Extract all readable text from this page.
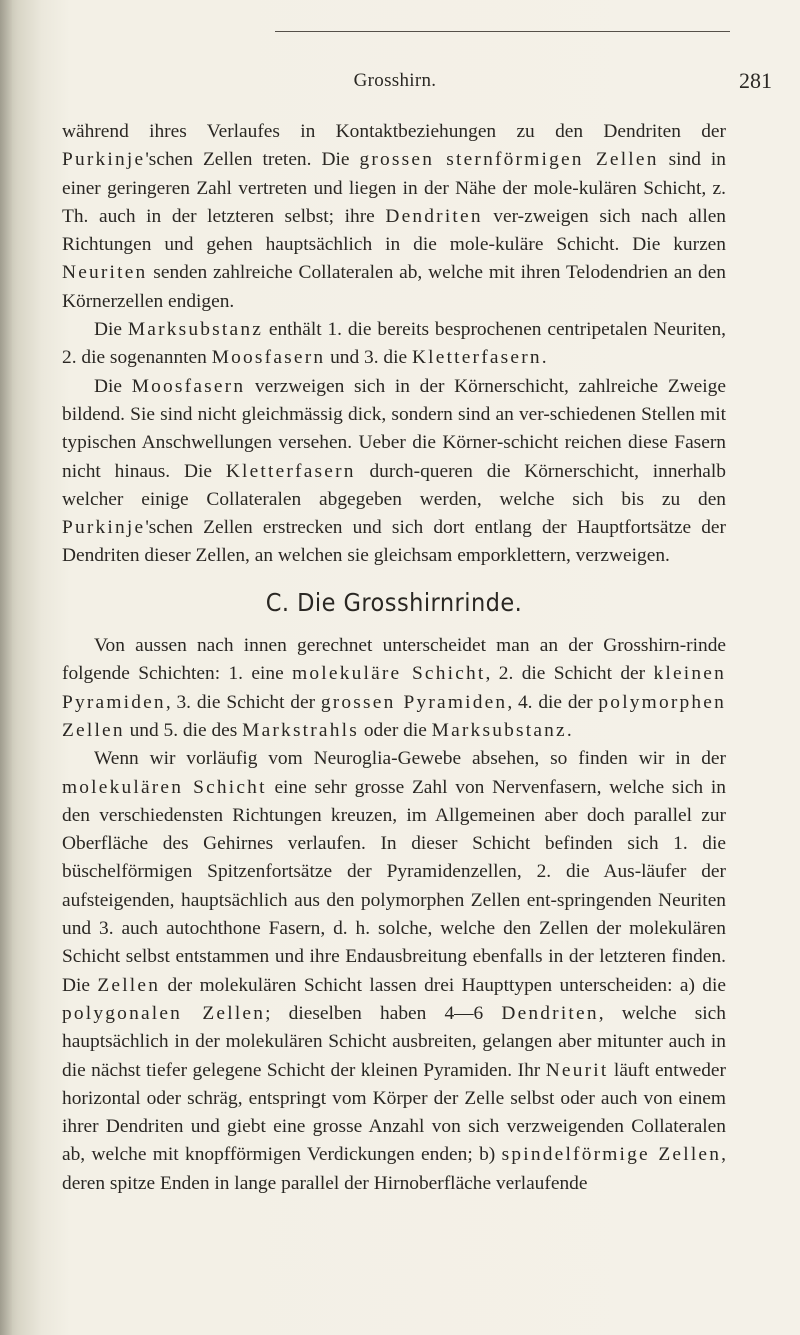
Grosshirn.	281

während ihres Verlaufes in Kontaktbeziehungen zu den Dendriten der Purkinje'schen Zellen treten. Die grossen sternförmigen Zellen sind in einer geringeren Zahl vertreten und liegen in der Nähe der mole-kulären Schicht, z. Th. auch in der letzteren selbst; ihre Dendriten ver-zweigen sich nach allen Richtungen und gehen hauptsächlich in die mole-kuläre Schicht. Die kurzen Neuriten senden zahlreiche Collateralen ab, welche mit ihren Telodendrien an den Körnerzellen endigen.

Die Marksubstanz enthält 1. die bereits besprochenen centripetalen Neuriten, 2. die sogenannten Moosfasern und 3. die Kletterfasern.

Die Moosfasern verzweigen sich in der Körnerschicht, zahlreiche Zweige bildend. Sie sind nicht gleichmässig dick, sondern sind an ver-schiedenen Stellen mit typischen Anschwellungen versehen. Ueber die Körner-schicht reichen diese Fasern nicht hinaus. Die Kletterfasern durch-queren die Körnerschicht, innerhalb welcher einige Collateralen abgegeben werden, welche sich bis zu den Purkinje'schen Zellen erstrecken und sich dort entlang der Hauptfortsätze der Dendriten dieser Zellen, an welchen sie gleichsam emporklettern, verzweigen.

C. Die Grosshirnrinde.

Von aussen nach innen gerechnet unterscheidet man an der Grosshirn-rinde folgende Schichten: 1. eine molekuläre Schicht, 2. die Schicht der kleinen Pyramiden, 3. die Schicht der grossen Pyramiden, 4. die der polymorphen Zellen und 5. die des Markstrahls oder die Marksubstanz.

Wenn wir vorläufig vom Neuroglia-Gewebe absehen, so finden wir in der molekulären Schicht eine sehr grosse Zahl von Nervenfasern, welche sich in den verschiedensten Richtungen kreuzen, im Allgemeinen aber doch parallel zur Oberfläche des Gehirnes verlaufen. In dieser Schicht befinden sich 1. die büschelförmigen Spitzenfortsätze der Pyramidenzellen, 2. die Aus-läufer der aufsteigenden, hauptsächlich aus den polymorphen Zellen ent-springenden Neuriten und 3. auch autochthone Fasern, d. h. solche, welche den Zellen der molekulären Schicht selbst entstammen und ihre Endausbreitung ebenfalls in der letzteren finden. Die Zellen der molekulären Schicht lassen drei Haupttypen unterscheiden: a) die polygonalen Zellen; dieselben haben 4—6 Dendriten, welche sich hauptsächlich in der molekulären Schicht ausbreiten, gelangen aber mitunter auch in die nächst tiefer gelegene Schicht der kleinen Pyramiden. Ihr Neurit läuft entweder horizontal oder schräg, entspringt vom Körper der Zelle selbst oder auch von einem ihrer Dendriten und giebt eine grosse Anzahl von sich verzweigenden Collateralen ab, welche mit knopfförmigen Verdickungen enden; b) spindelförmige Zellen, deren spitze Enden in lange parallel der Hirnoberfläche verlaufende
